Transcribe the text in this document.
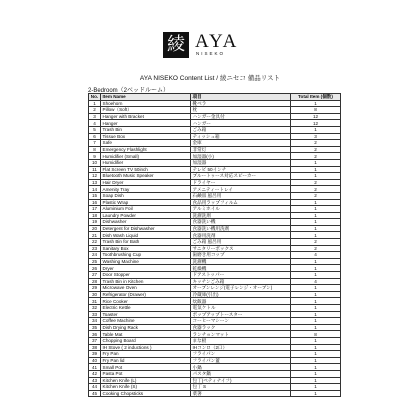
綾 AYA
NISEKO
AYA NISEKO Content List / 綾ニセコ 備品リスト
2-Bedroom（2ベッドルーム）
No.	Item Name	項目	Total Item (個数)
1	Shoehorn	靴ベラ	1
2	Pillow（Soft）	枕	8
3	Hanger with Bracket	ハンガー金具付	12
4	Hanger	ハンガー	12
5	Trash Bin	ごみ箱	1
6	Tissue Box	ティッシュ箱	3
7	Safe	金庫	2
8	Emergency Flashlight	非常灯	2
9	Humidifier (Small)	加湿器(小)	2
10	Humidifier	加湿器	1
11	Flat Screen TV 50inch	テレビ 50インチ	1
12	Bluetooth Music Speaker	ブルートゥース対応スピーカー	1
13	Hair Dryer	ドライヤー	2
14	Amenity Tray	アメニティートレイ	2
15	Soap Dish	石鹸皿 風呂用	2
16	Plastic Wrap	食品用ラップフィルム	1
17	Aluminium Foil	アルミホイル	1
18	Laundry Powder	洗濯洗剤	1
19	Dishwasher	食器洗い機	1
20	Detergent for Dishwasher	食器洗い機用洗剤	1
21	Dish Wash Liquid	食器用洗剤	1
22	Trash Bin for Bath	ごみ箱 風呂用	2
23	Sanitary Box	サニタリーボックス	2
24	Toothbrushing Cup	歯磨き用コップ	4
25	Washing Machine	洗濯機	1
26	Dryer	乾燥機	1
27	Door Stopper	ドアストッパー	1
28	Trash Bin in Kitchen	キッチンごみ箱	4
29	Microwave Oven	オーブンレンジ(電子レンジ・オーブン)	1
30	Refrigerator (Drawer)	冷蔵庫(引出)	1
31	Rice Cooker	炊飯器	1
32	Electric Kettle	電気ケトル	1
33	Toaster	ポップアップトースター	1
34	Coffee Machine	コーヒーマシーン	1
35	Dish Drying Rack	食器ラック	1
36	Table Mat	ランチョンマット	8
37	Chopping Board	まな板	1
38	IH Stove ( 2 inductions )	IHコンロ（2口）	1
39	Fry Pan	フライパン	1
40	Fry Pan lid	フライパン蓋	1
41	Small Pot	小鍋	1
42	Pasta Pot	パスタ鍋	1
43	Kitchen Knife (L)	包丁(ペティナイフ)	1
44	Kitchen Knife (S)	包丁 S	1
45	Cooking Chopsticks	菜箸	1
